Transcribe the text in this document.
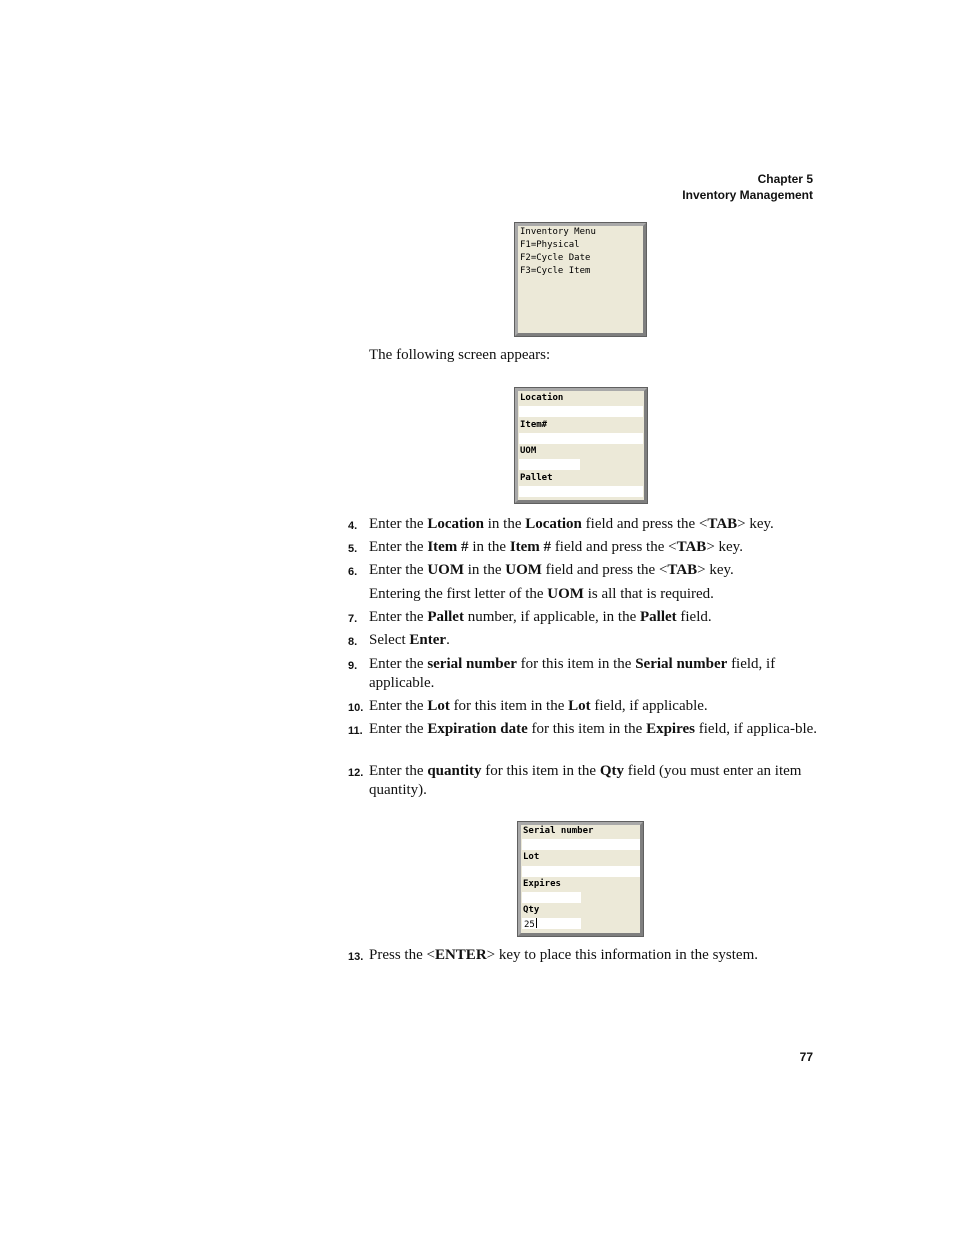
Chapter 5
Inventory Management
Inventory Menu
F1=Physical
F2=Cycle Date
F3=Cycle Item
The following screen appears:
Location
Item#
UOM
Pallet
4. Enter the Location in the Location field and press the <TAB> key.
5. Enter the Item # in the Item # field and press the <TAB> key.
6. Enter the UOM in the UOM field and press the <TAB> key.
Entering the first letter of the UOM is all that is required.
7. Enter the Pallet number, if applicable, in the Pallet field.
8. Select Enter.
9. Enter the serial number for this item in the Serial number field, if applicable.
10. Enter the Lot for this item in the Lot field, if applicable.
11. Enter the Expiration date for this item in the Expires field, if applica-ble.
12. Enter the quantity for this item in the Qty field (you must enter an item quantity).
Serial number
Lot
Expires
Qty
25
13. Press the <ENTER> key to place this information in the system.
77
